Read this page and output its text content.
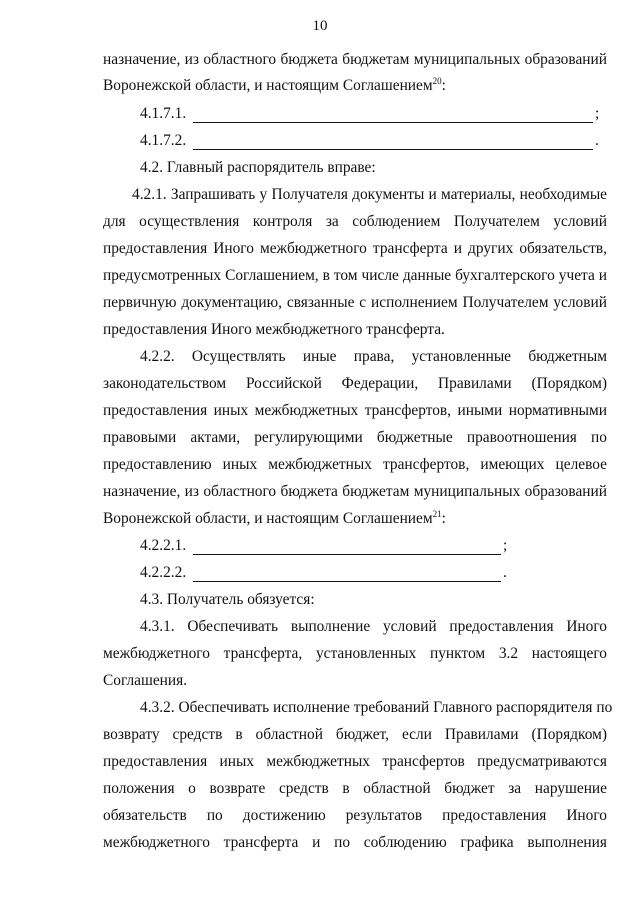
10
назначение, из областного бюджета бюджетам муниципальных образований
Воронежской области, и настоящим Соглашением$^{20}$:
4.1.7.1.	;
4.1.7.2.	.
4.2. Главный распорядитель вправе:
4.2.1. Запрашивать у Получателя документы и материалы, необходимые
для осуществления контроля за соблюдением Получателем условий
предоставления Иного межбюджетного трансферта и других обязательств,
предусмотренных Соглашением, в том числе данные бухгалтерского учета и
первичную документацию, связанные с исполнением Получателем условий
предоставления Иного межбюджетного трансферта.
4.2.2.    Осуществлять    иные    права,    установленные    бюджетным
законодательством Российской Федерации, Правилами (Порядком)
предоставления иных межбюджетных трансфертов, иными нормативными
правовыми актами, регулирующими бюджетные правоотношения по
предоставлению иных межбюджетных трансфертов, имеющих целевое
назначение, из областного бюджета бюджетам муниципальных образований
Воронежской области, и настоящим Соглашением$^{21}$:
4.2.2.1.	;
4.2.2.2.	.
4.3. Получатель обязуется:
4.3.1. Обеспечивать выполнение условий предоставления Иного
межбюджетного трансферта, установленных пунктом 3.2 настоящего
Соглашения.
4.3.2. Обеспечивать исполнение требований Главного распорядителя по
возврату средств в областной бюджет, если Правилами (Порядком)
предоставления иных межбюджетных трансфертов предусматриваются
положения о возврате средств в областной бюджет за нарушение
обязательств по достижению результатов предоставления Иного
межбюджетного трансферта и по соблюдению графика выполнения
